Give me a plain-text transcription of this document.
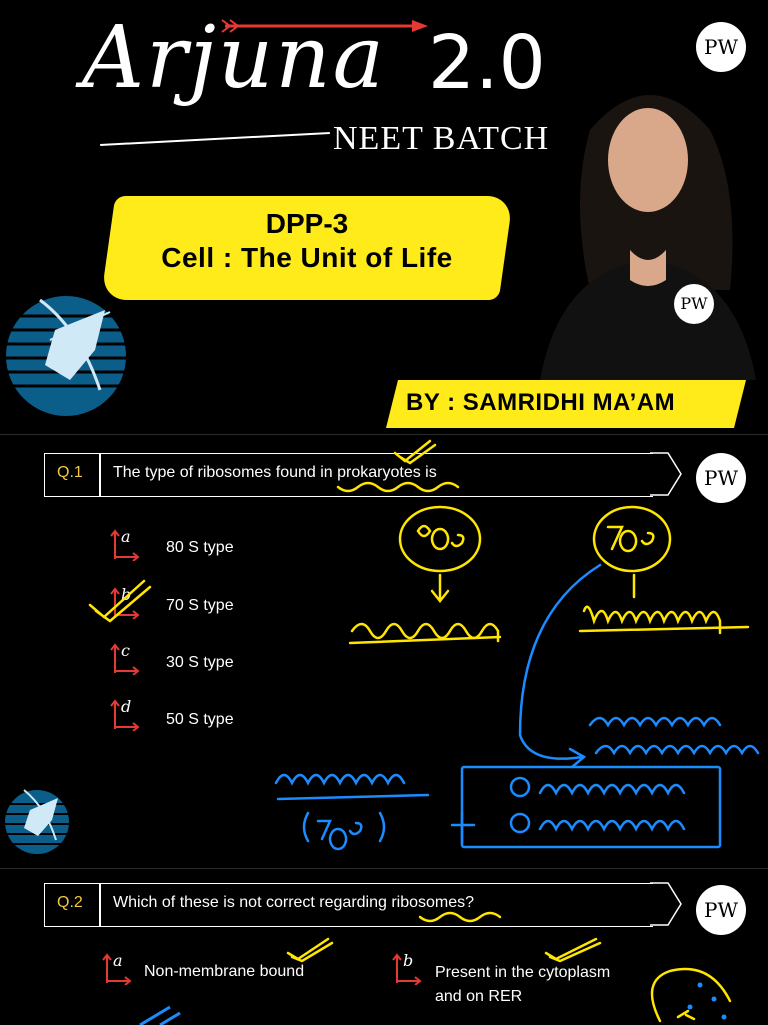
Arjuna 2.0
NEET BATCH
PW
PW
DPP-3
Cell : The Unit of Life
BY : SAMRIDHI MA’AM
Q.1 The type of ribosomes found in prokaryotes is	PW
a
80 S type
b
70 S type
c
30 S type
d
50 S type
Q.2 Which of these is not correct regarding ribosomes?	PW
a
Non-membrane bound
b
Present in the cytoplasm
and on RER
